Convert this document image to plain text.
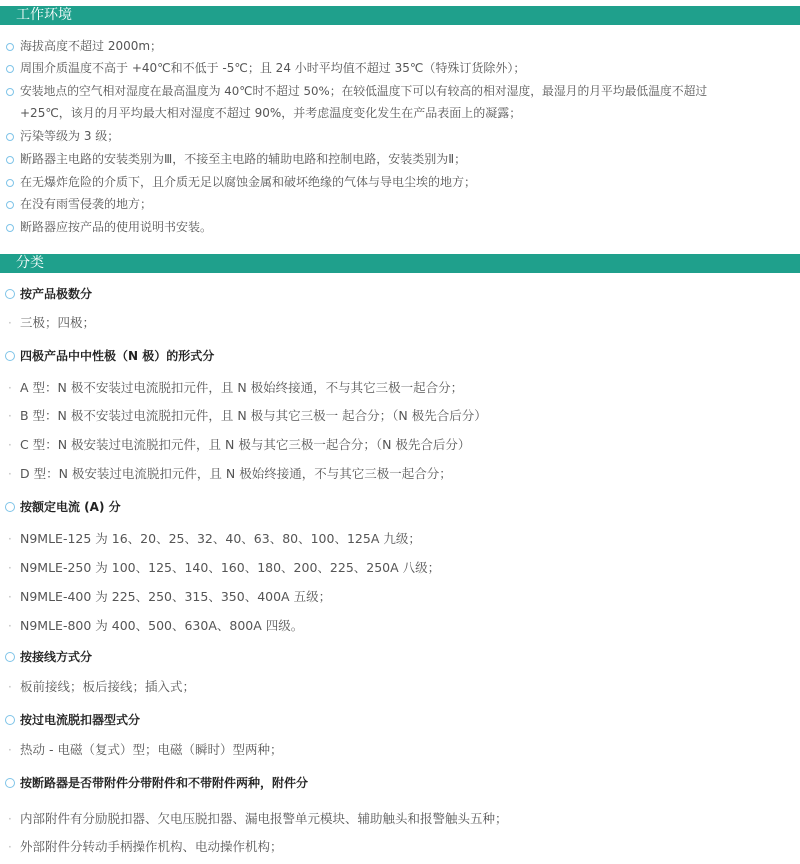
工作环境
海拔高度不超过 2000m；
周围介质温度不高于 +40℃和不低于 -5℃；且 24 小时平均值不超过 35℃（特殊订货除外）；
安装地点的空气相对湿度在最高温度为 40℃时不超过 50%；在较低温度下可以有较高的相对湿度，最湿月的月平均最低温度不超过
+25℃，该月的月平均最大相对湿度不超过 90%，并考虑温度变化发生在产品表面上的凝露；
污染等级为 3 级；
断路器主电路的安装类别为Ⅲ，不接至主电路的辅助电路和控制电路，安装类别为Ⅱ；
在无爆炸危险的介质下，且介质无足以腐蚀金属和破坏绝缘的气体与导电尘埃的地方；
在没有雨雪侵袭的地方；
断路器应按产品的使用说明书安装。
分类
按产品极数分
· 三极；四极；
四极产品中中性极（N 极）的形式分
· A 型：N 极不安装过电流脱扣元件，且 N 极始终接通，不与其它三极一起合分；
· B 型：N 极不安装过电流脱扣元件，且 N 极与其它三极一 起合分；（N 极先合后分）
· C 型：N 极安装过电流脱扣元件，且 N 极与其它三极一起合分；（N 极先合后分）
· D 型：N 极安装过电流脱扣元件，且 N 极始终接通，不与其它三极一起合分；
按额定电流 (A) 分
· N9MLE-125 为 16、20、25、32、40、63、80、100、125A 九级；
· N9MLE-250 为 100、125、140、160、180、200、225、250A 八级；
· N9MLE-400 为 225、250、315、350、400A 五级；
· N9MLE-800 为 400、500、630A、800A 四级。
按接线方式分
· 板前接线；板后接线；插入式；
按过电流脱扣器型式分
· 热动 - 电磁（复式）型；电磁（瞬时）型两种；
按断路器是否带附件分带附件和不带附件两种，附件分
· 内部附件有分励脱扣器、欠电压脱扣器、漏电报警单元模块、辅助触头和报警触头五种；
· 外部附件分转动手柄操作机构、电动操作机构；
